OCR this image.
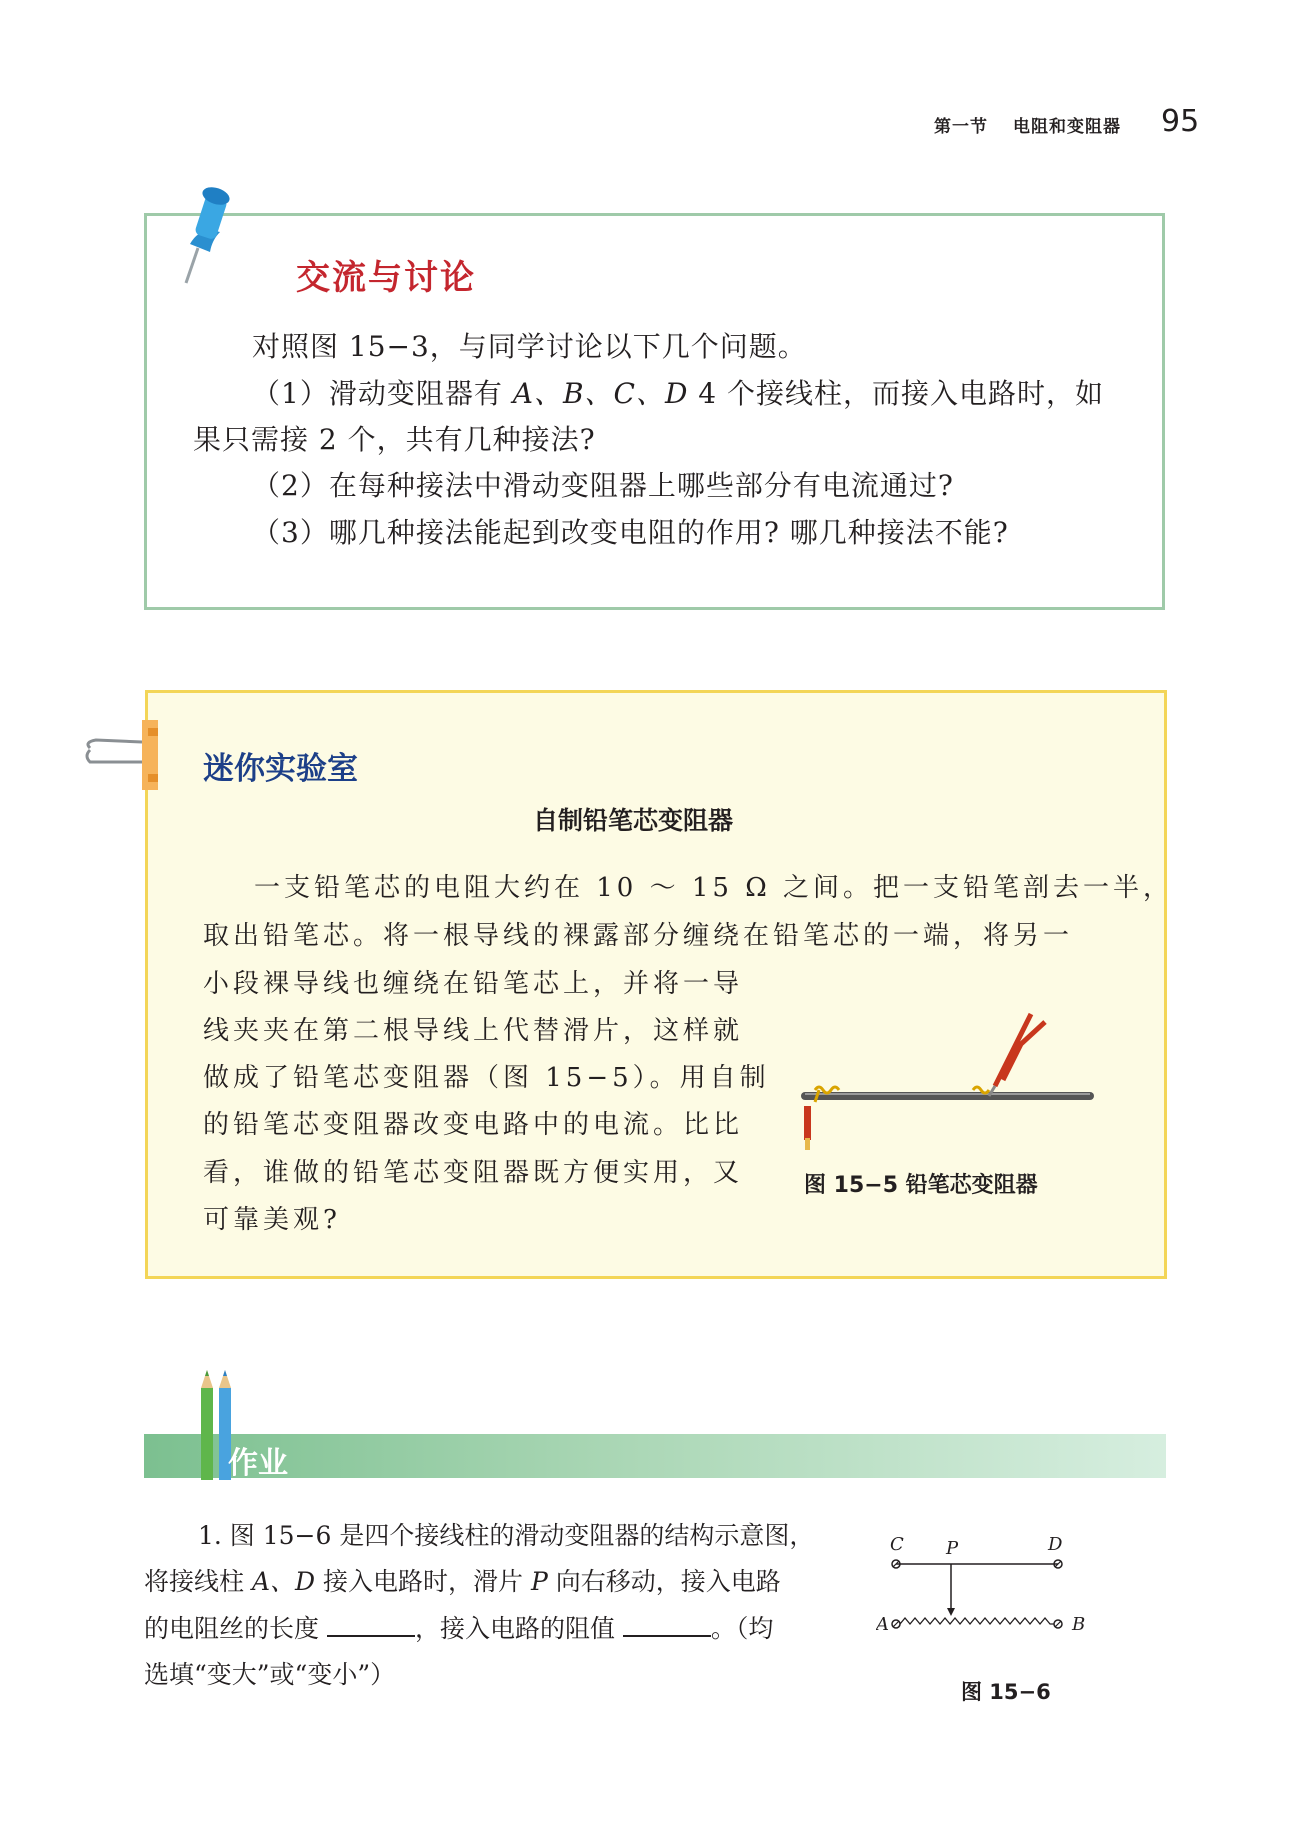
第一节 电阻和变阻器 95
交流与讨论
对照图 15−3，与同学讨论以下几个问题。
（1）滑动变阻器有 A、B、C、D 4 个接线柱，而接入电路时，如
果只需接 2 个，共有几种接法?
（2）在每种接法中滑动变阻器上哪些部分有电流通过?
（3）哪几种接法能起到改变电阻的作用? 哪几种接法不能?
迷你实验室
自制铅笔芯变阻器
一支铅笔芯的电阻大约在 10 ～ 15 Ω 之间。把一支铅笔剖去一半，
取出铅笔芯。将一根导线的裸露部分缠绕在铅笔芯的一端，将另一
小段裸导线也缠绕在铅笔芯上，并将一导
线夹夹在第二根导线上代替滑片，这样就
做成了铅笔芯变阻器（图 15−5）。用自制
的铅笔芯变阻器改变电路中的电流。比比
看，谁做的铅笔芯变阻器既方便实用，又
可靠美观?
图 15−5 铅笔芯变阻器
作业
1. 图 15−6 是四个接线柱的滑动变阻器的结构示意图，
将接线柱 A、D 接入电路时，滑片 P 向右移动，接入电路
的电阻丝的长度	，接入电路的阻值	。（均
选填“变大”或“变小”）
C P	D
A	B
图 15−6
